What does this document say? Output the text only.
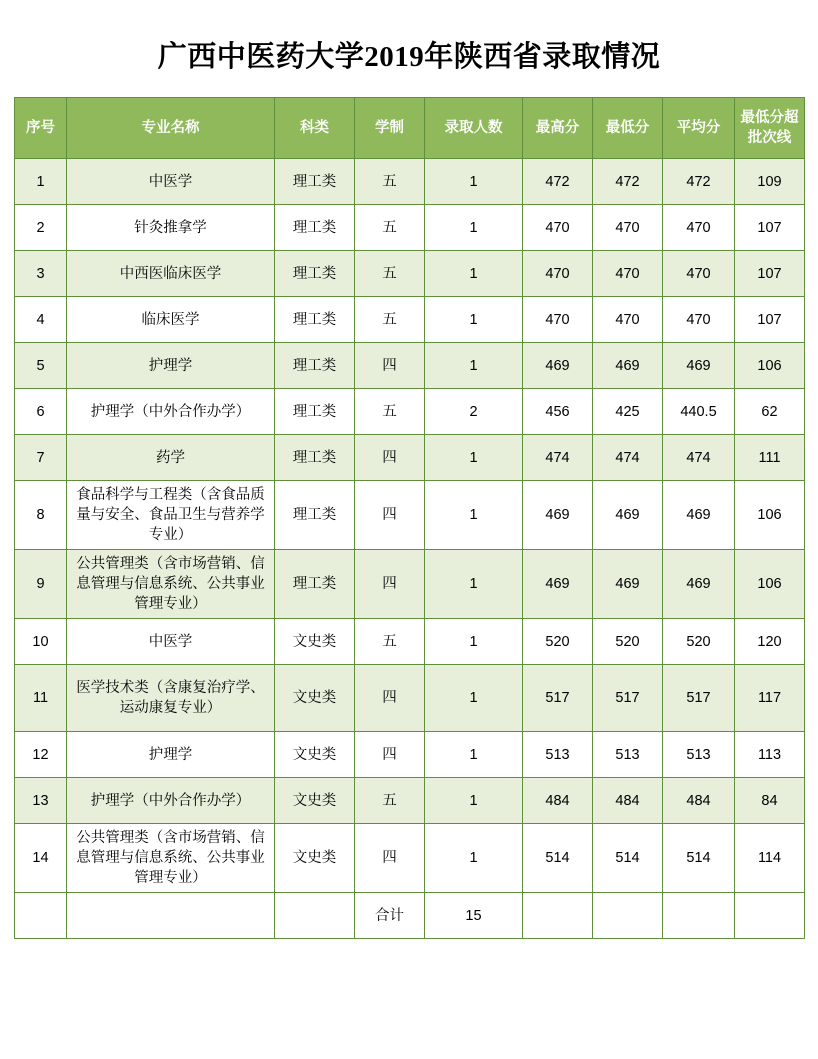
广西中医药大学2019年陕西省录取情况
序号	专业名称	科类	学制	录取人数	最高分	最低分	平均分	最低分超
批次线

1	中医学	理工类	五	1	472	472	472	109
2	针灸推拿学	理工类	五	1	470	470	470	107
3	中西医临床医学	理工类	五	1	470	470	470	107
4	临床医学	理工类	五	1	470	470	470	107
5	护理学	理工类	四	1	469	469	469	106
6	护理学（中外合作办学）	理工类	五	2	456	425	440.5	62
7	药学	理工类	四	1	474	474	474	111
8	食品科学与工程类（含食品质量与安全、食品卫生与营养学专业）	理工类	四	1	469	469	469	106
9	公共管理类（含市场营销、信息管理与信息系统、公共事业管理专业）	理工类	四	1	469	469	469	106
10	中医学	文史类	五	1	520	520	520	120
11	医学技术类（含康复治疗学、运动康复专业）	文史类	四	1	517	517	517	117
12	护理学	文史类	四	1	513	513	513	113
13	护理学（中外合作办学）	文史类	五	1	484	484	484	84
14	公共管理类（含市场营销、信息管理与信息系统、公共事业管理专业）	文史类	四	1	514	514	514	114
			合计	15				
